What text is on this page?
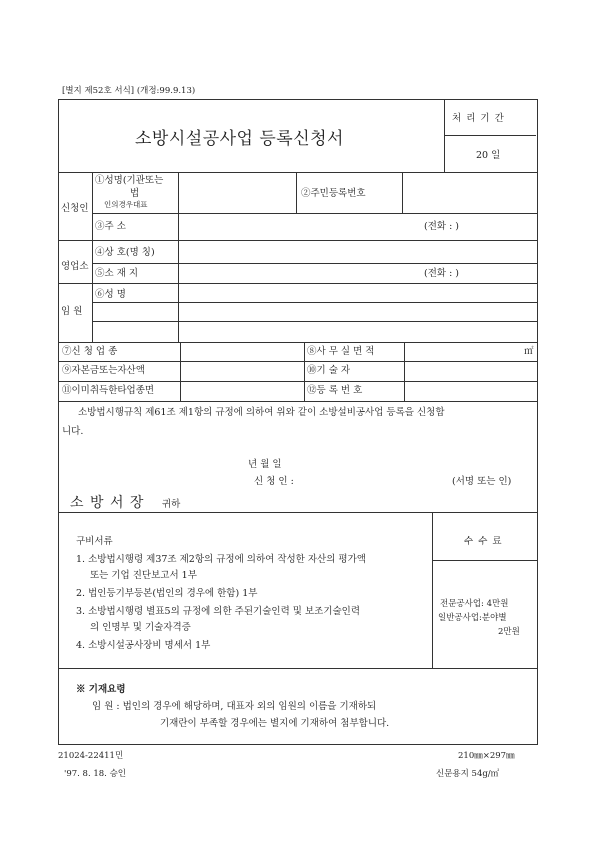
[별지 제52호 서식] (개정:99.9.13)
소방시설공사업 등록신청서
처 리 기 간
20 일
신청인
①성명(기관또는
법
인의경우대표
②주민등록번호
③주 소	(전화 : )
영업소
④상 호(명 칭)
⑤소 재 지	(전화 : )
임 원
⑥성 명
⑦신 청 업 종	⑧사 무 실 면 적	㎡
⑨자본금또는자산액	⑩기 술 자
⑪이미취득한타업종면	⑫등 록 번 호
소방법시행규칙 제61조 제1항의 규정에 의하여 위와 같이 소방설비공사업 등록을 신청합
니다.
년 월 일
신 청 인 :	(서명 또는 인)
소 방 서 장 귀하
구비서류
1. 소방법시행령 제37조 제2항의 규정에 의하여 작성한 자산의 평가액
또는 기업 진단보고서 1부
2. 법인등기부등본(법인의 경우에 한함) 1부
3. 소방법시행령 별표5의 규정에 의한 주된기술인력 및 보조기술인력
의 인명부 및 기술자격증
4. 소방시설공사장비 명세서 1부
수 수 료
전문공사업: 4만원
일반공사업:분야별
2만원
※ 기재요령
임 원 : 법인의 경우에 해당하며, 대표자 외의 임원의 이름을 기재하되
기재란이 부족할 경우에는 별지에 기재하여 첨부합니다.
21024-22411민	210㎜×297㎜
'97. 8. 18. 승인	신문용지 54g/㎡
